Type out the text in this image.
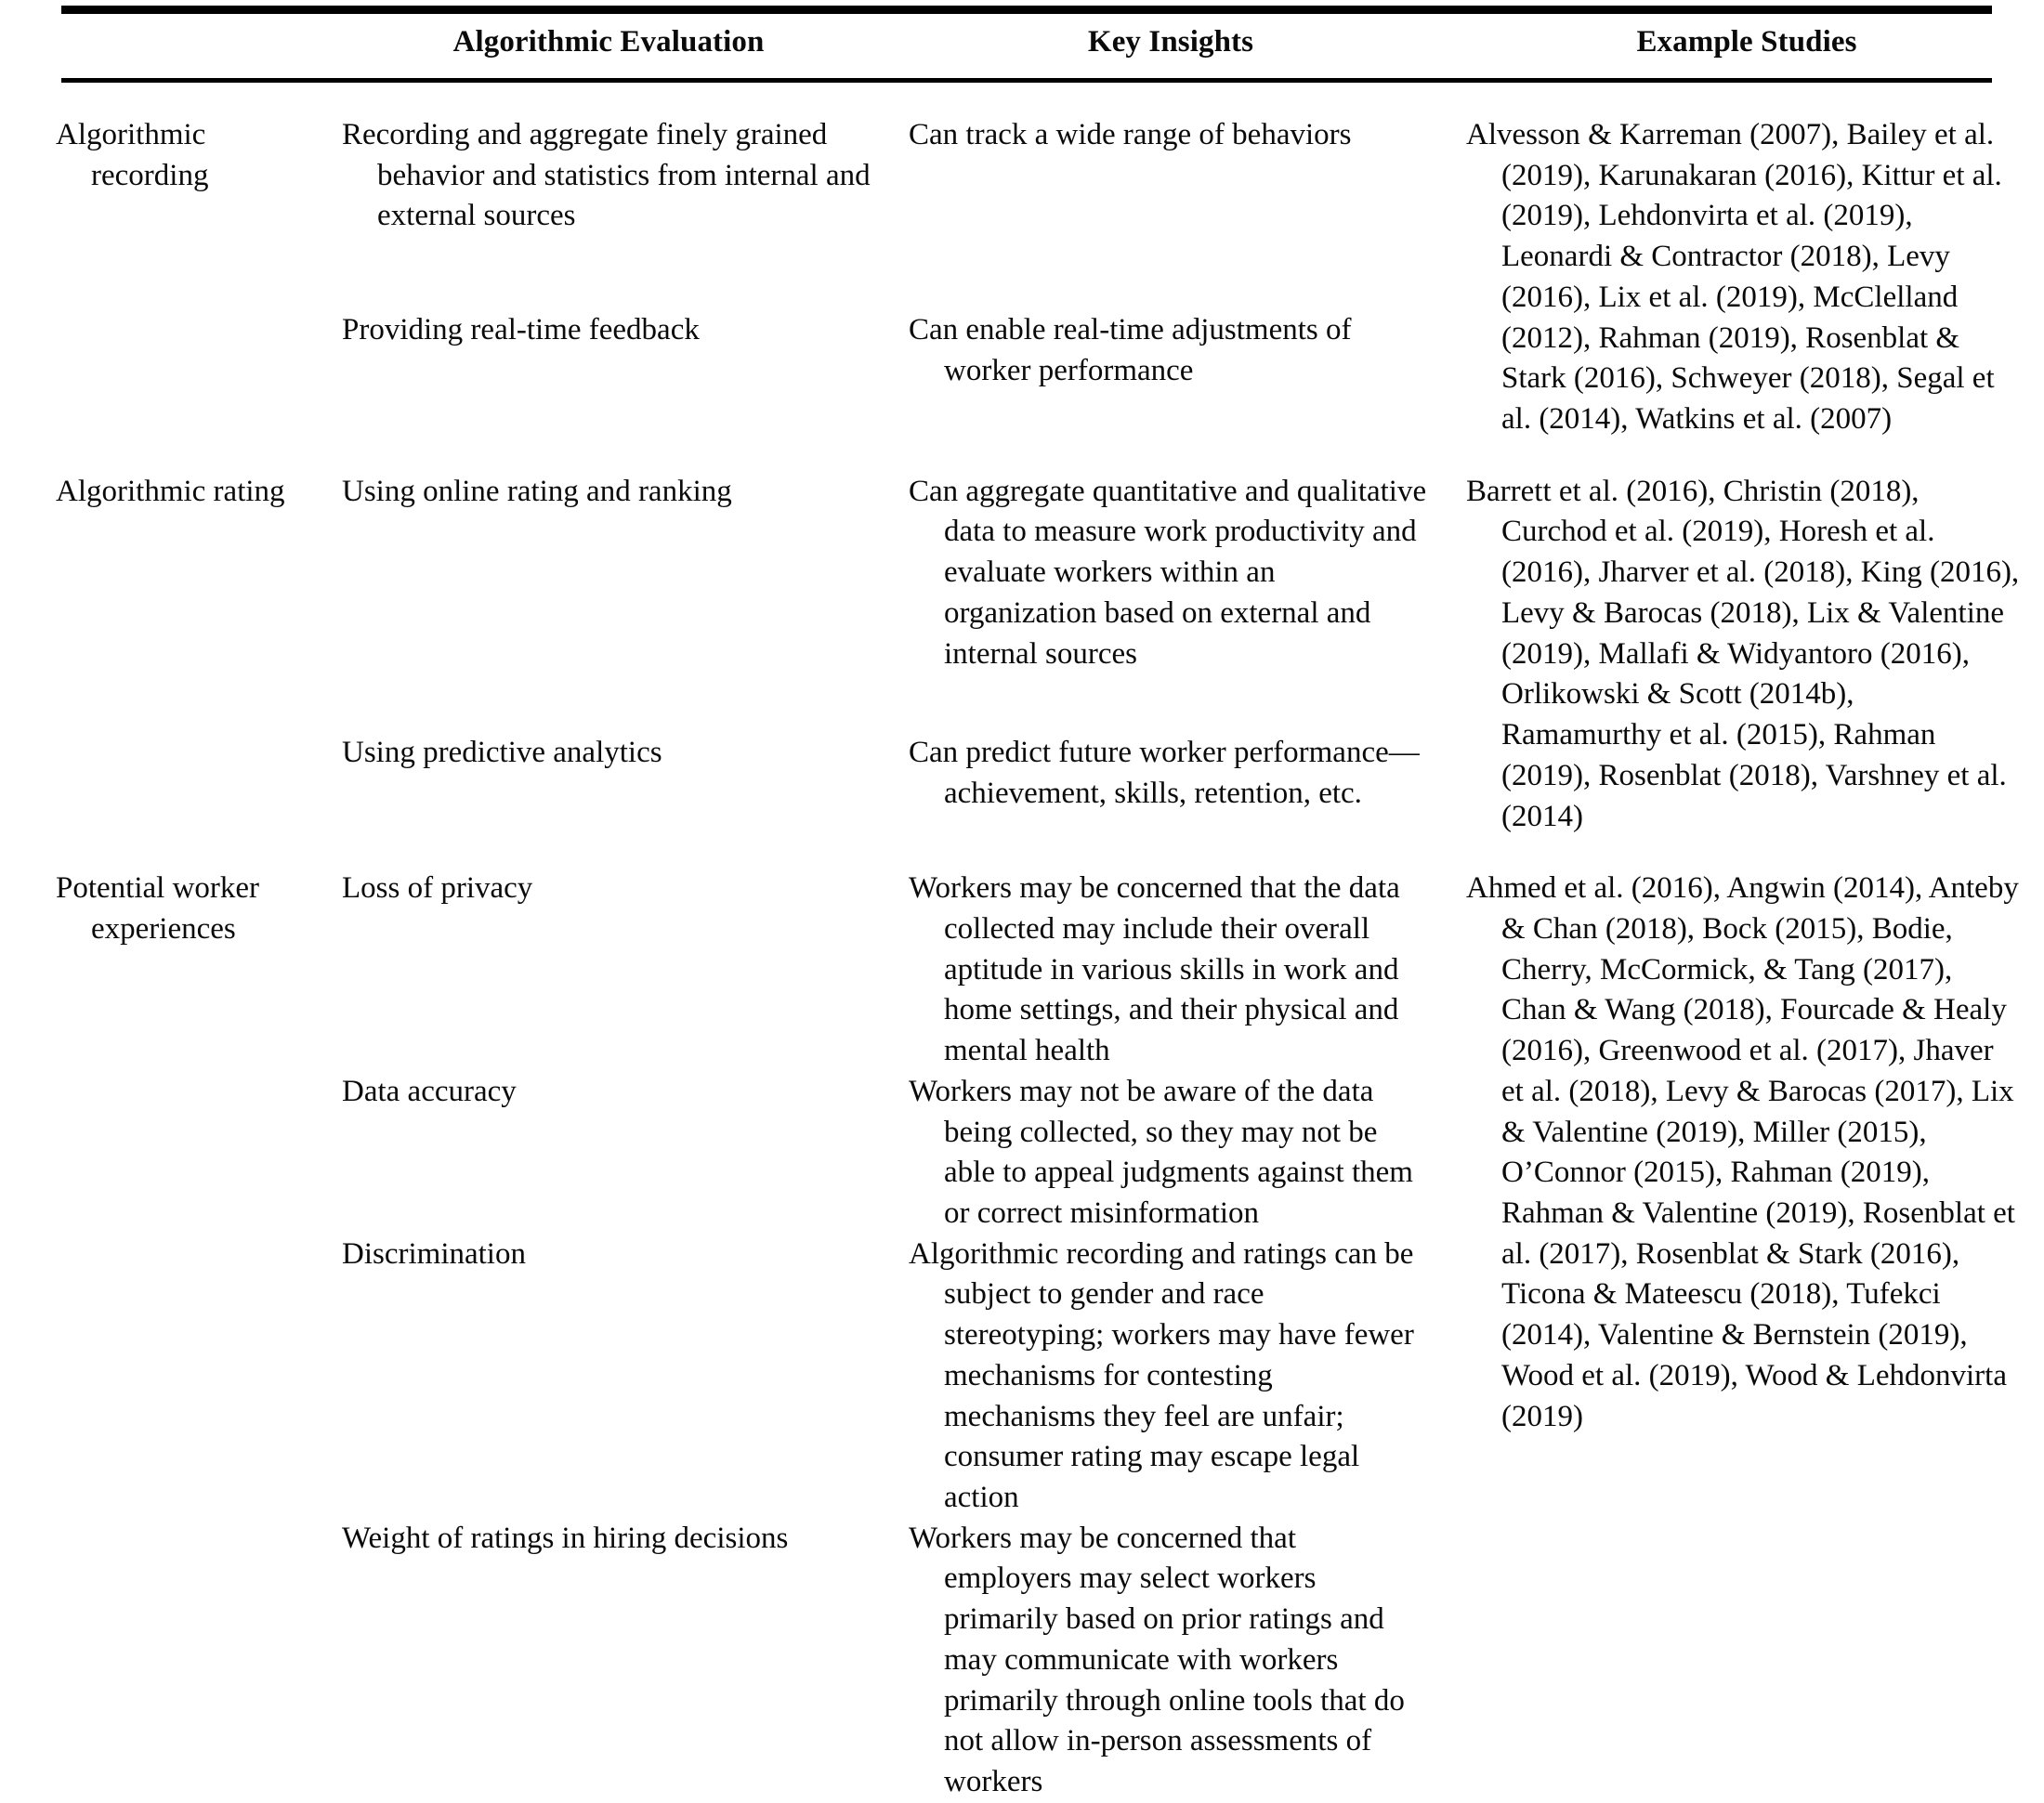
	Algorithmic Evaluation	Key Insights	Example Studies

Algorithmic recording	Recording and aggregate finely grained behavior and statistics from internal and external sources	Can track a wide range of behaviors	Alvesson & Karreman (2007), Bailey et al. (2019), Karunakaran (2016), Kittur et al. (2019), Lehdonvirta et al. (2019), Leonardi & Contractor (2018), Levy (2016), Lix et al. (2019), McClelland (2012), Rahman (2019), Rosenblat & Stark (2016), Schweyer (2018), Segal et al. (2014), Watkins et al. (2007)

	Providing real-time feedback	Can enable real-time adjustments of worker performance	

Algorithmic rating	Using online rating and ranking	Can aggregate quantitative and qualitative data to measure work productivity and evaluate workers within an organization based on external and internal sources	Barrett et al. (2016), Christin (2018), Curchod et al. (2019), Horesh et al. (2016), Jharver et al. (2018), King (2016), Levy & Barocas (2018), Lix & Valentine (2019), Mallafi & Widyantoro (2016), Orlikowski & Scott (2014b), Ramamurthy et al. (2015), Rahman (2019), Rosenblat (2018), Varshney et al. (2014)

	Using predictive analytics	Can predict future worker performance—achievement, skills, retention, etc.	

Potential worker experiences	Loss of privacy	Workers may be concerned that the data collected may include their overall aptitude in various skills in work and home settings, and their physical and mental health	Ahmed et al. (2016), Angwin (2014), Anteby & Chan (2018), Bock (2015), Bodie, Cherry, McCormick, & Tang (2017), Chan & Wang (2018), Fourcade & Healy (2016), Greenwood et al. (2017), Jhaver et al. (2018), Levy & Barocas (2017), Lix & Valentine (2019), Miller (2015), O’Connor (2015), Rahman (2019), Rahman & Valentine (2019), Rosenblat et al. (2017), Rosenblat & Stark (2016), Ticona & Mateescu (2018), Tufekci (2014), Valentine & Bernstein (2019), Wood et al. (2019), Wood & Lehdonvirta (2019)

	Data accuracy	Workers may not be aware of the data being collected, so they may not be able to appeal judgments against them or correct misinformation	

	Discrimination	Algorithmic recording and ratings can be subject to gender and race stereotyping; workers may have fewer mechanisms for contesting mechanisms they feel are unfair; consumer rating may escape legal action	

	Weight of ratings in hiring decisions	Workers may be concerned that employers may select workers primarily based on prior ratings and may communicate with workers primarily through online tools that do not allow in-person assessments of workers	
